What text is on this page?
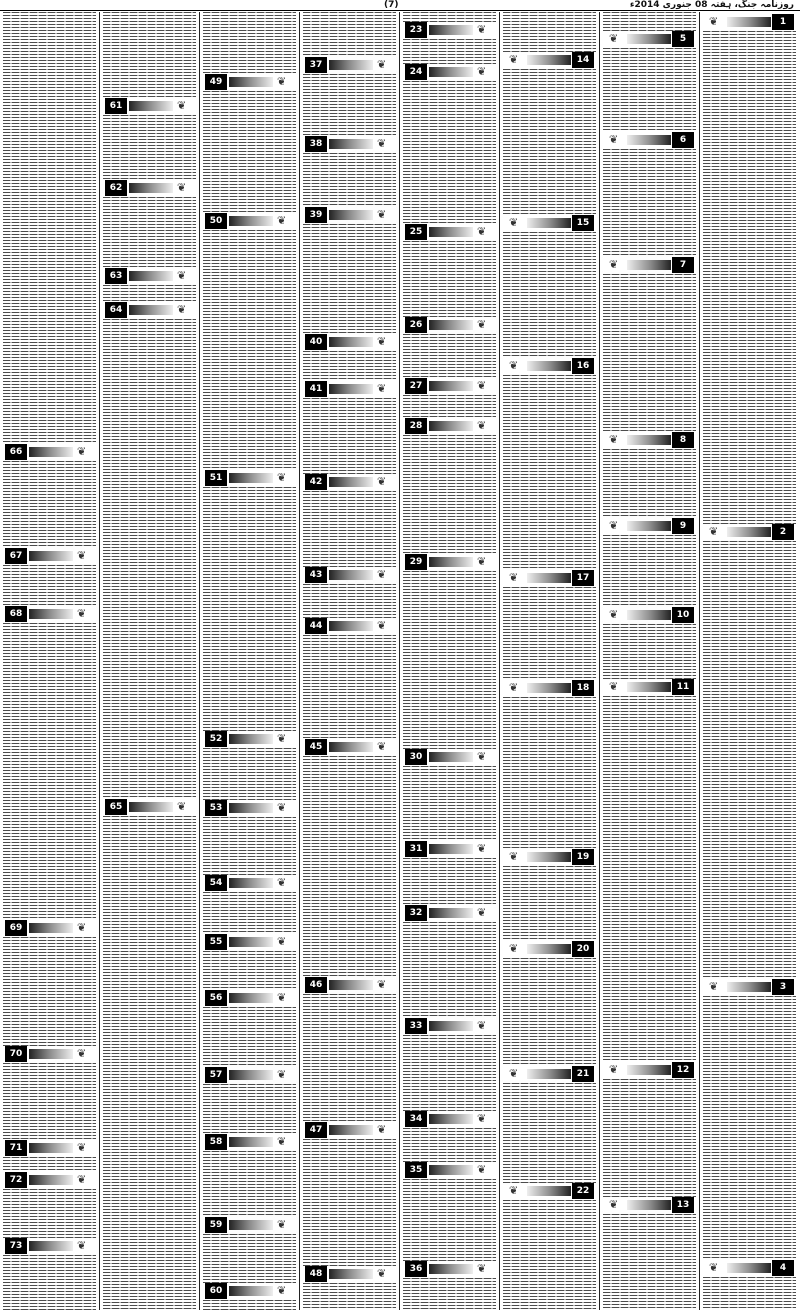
(7)	روزنامہ جنگ، ہفتہ 08 جنوری 2014ء
66	❦
67	❦
68	❦
69	❦
70	❦
71	❦
72	❦
73	❦
61	❦
62	❦
63	❦
64	❦
65	❦
49	❦
50	❦
51	❦
52	❦
53	❦
54	❦
55	❦
56	❦
57	❦
58	❦
59	❦
60	❦
37	❦
38	❦
39	❦
40	❦
41	❦
42	❦
43	❦
44	❦
45	❦
46	❦
47	❦
48	❦
23	❦
24	❦
25	❦
26	❦
27	❦
28	❦
29	❦
30	❦
31	❦
32	❦
33	❦
34	❦
35	❦
36	❦
14
❦
15
❦
16
❦
17
❦
18
❦
19
❦
20
❦
21
❦
22
❦
5
❦
6
❦
7
❦
8
❦
9
❦
10
❦
11
❦
12
❦
13
❦
1
❦
2
❦
3
❦
4
❦
